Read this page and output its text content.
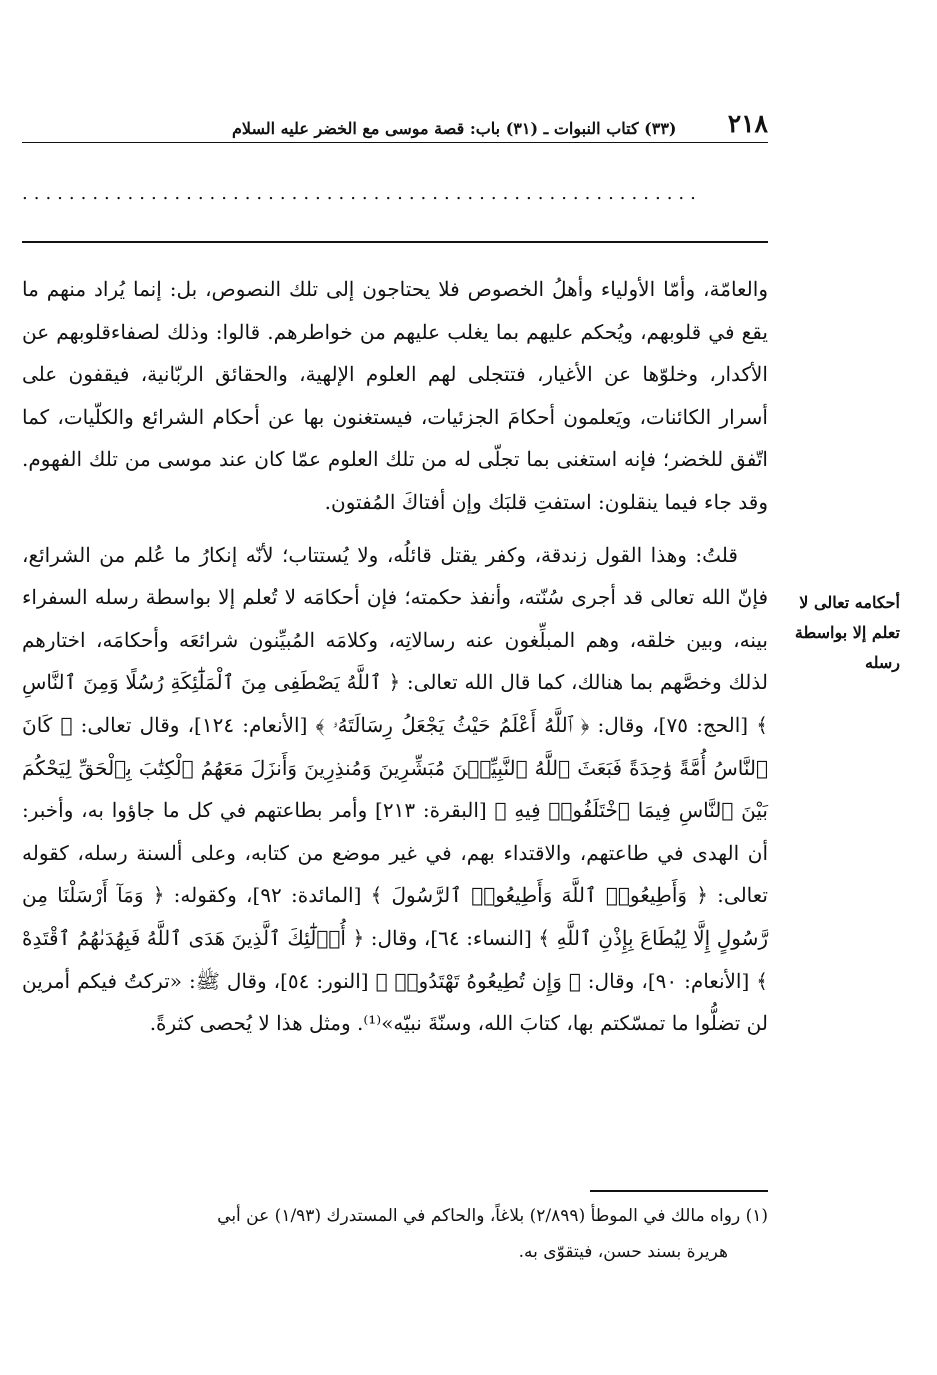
٢١٨
(٣٣) كتاب النبوات ـ (٣١) باب: قصة موسى مع الخضر عليه السلام
..........................................................

والعامّة، وأمّا الأولياء وأهلُ الخصوص فلا يحتاجون إلى تلك النصوص، بل: إنما يُراد منهم ما يقع في قلوبهم، ويُحكم عليهم بما يغلب عليهم من خواطرهم. قالوا: وذلك لصفاءقلوبهم عن الأكدار، وخلوّها عن الأغيار، فتتجلى لهم العلوم الإلهية، والحقائق الربّانية، فيقفون على أسرار الكائنات، ويَعلمون أحكامَ الجزئيات، فيستغنون بها عن أحكام الشرائع والكلّيات، كما اتّفق للخضر؛ فإنه استغنى بما تجلّى له من تلك العلوم عمّا كان عند موسى من تلك الفهوم. وقد جاء فيما ينقلون: استفتِ قلبَك وإن أفتاكَ المُفتون.

قلتُ: وهذا القول زندقة، وكفر يقتل قائلُه، ولا يُستتاب؛ لأنّه إنكارُ ما عُلم من الشرائع، فإنّ الله تعالى قد أجرى سُنّته، وأنفذ حكمته؛ فإن أحكامَه لا تُعلم إلا بواسطة رسله السفراء بينه، وبين خلقه، وهم المبلِّغون عنه رسالاتِه، وكلامَه المُبيِّنون شرائعَه وأحكامَه، اختارهم لذلك وخصَّهم بما هنالك، كما قال الله تعالى: ﴿ ٱللَّهُ يَصْطَفِى مِنَ ٱلْمَلَٰٓئِكَةِ رُسُلًا وَمِنَ ٱلنَّاسِ ﴾ [الحج: ٧٥]، وقال: ﴿ ٱللَّهُ أَعْلَمُ حَيْثُ يَجْعَلُ رِسَالَتَهُۥ ﴾ [الأنعام: ١٢٤]، وقال تعالى: ﴿ كَانَ ٱلنَّاسُ أُمَّةً وَٰحِدَةً فَبَعَثَ ٱللَّهُ ٱلنَّبِيِّـۧنَ مُبَشِّرِينَ وَمُنذِرِينَ وَأَنزَلَ مَعَهُمُ ٱلْكِتَٰبَ بِٱلْحَقِّ لِيَحْكُمَ بَيْنَ ٱلنَّاسِ فِيمَا ٱخْتَلَفُوا۟ فِيهِ ﴾ [البقرة: ٢١٣] وأمر بطاعتهم في كل ما جاؤوا به، وأخبر: أن الهدى في طاعتهم، والاقتداء بهم، في غير موضع من كتابه، وعلى ألسنة رسله، كقوله تعالى: ﴿ وَأَطِيعُوا۟ ٱللَّهَ وَأَطِيعُوا۟ ٱلرَّسُولَ ﴾ [المائدة: ٩٢]، وكقوله: ﴿ وَمَآ أَرْسَلْنَا مِن رَّسُولٍ إِلَّا لِيُطَاعَ بِإِذْنِ ٱللَّهِ ﴾ [النساء: ٦٤]، وقال: ﴿ أُو۟لَٰٓئِكَ ٱلَّذِينَ هَدَى ٱللَّهُ فَبِهُدَىٰهُمُ ٱقْتَدِهْ ﴾ [الأنعام: ٩٠]، وقال: ﴿ وَإِن تُطِيعُوهُ تَهْتَدُوا۟ ﴾ [النور: ٥٤]، وقال ﷺ: «تركتُ فيكم أمرين لن تضلُّوا ما تمسّكتم بها، كتابَ الله، وسنّةَ نبيّه»⁽¹⁾. ومثل هذا لا يُحصى كثرةً.

أحكامه تعالى لا تعلم إلا بواسطة رسله

(١) رواه مالك في الموطأ (٢/٨٩٩) بلاغاً، والحاكم في المستدرك (١/٩٣) عن أبي

هريرة بسند حسن، فيتقوّى به.
